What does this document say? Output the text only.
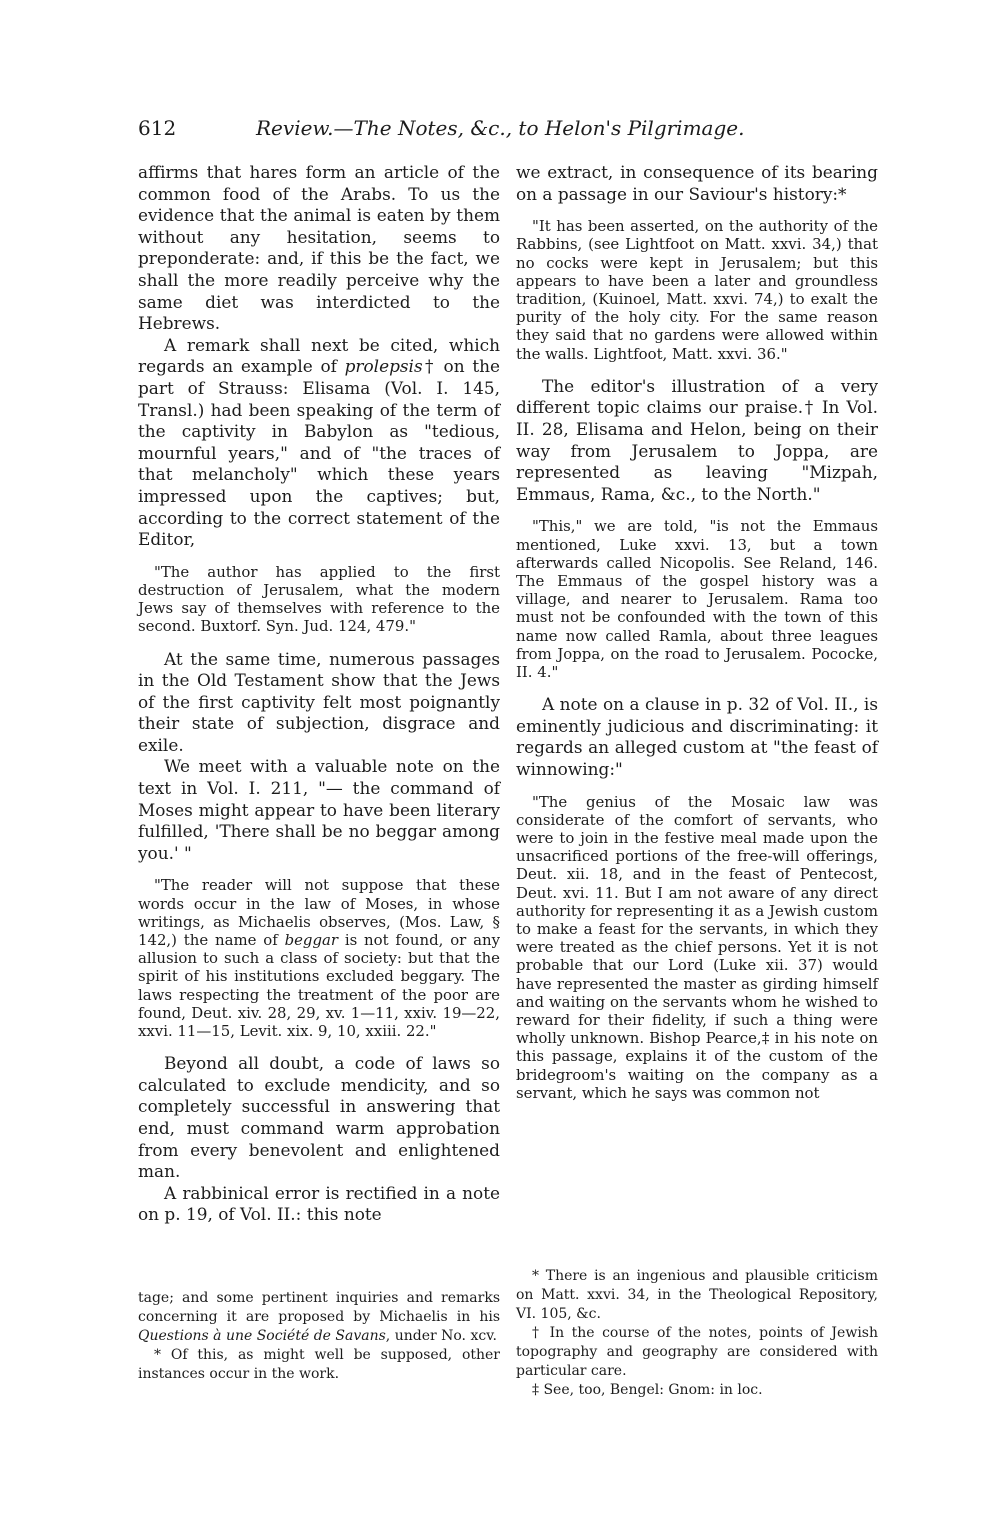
612	Review.—The Notes, &c., to Helon's Pilgrimage.

affirms that hares form an article of the common food of the Arabs. To us the evidence that the animal is eaten by them without any hesitation, seems to preponderate: and, if this be the fact, we shall the more readily perceive why the same diet was interdicted to the Hebrews.

A remark shall next be cited, which regards an example of prolepsis† on the part of Strauss: Elisama (Vol. I. 145, Transl.) had been speaking of the term of the captivity in Babylon as "tedious, mournful years," and of "the traces of that melancholy" which these years impressed upon the captives; but, according to the correct statement of the Editor,

"The author has applied to the first destruction of Jerusalem, what the modern Jews say of themselves with reference to the second. Buxtorf. Syn. Jud. 124, 479."

At the same time, numerous passages in the Old Testament show that the Jews of the first captivity felt most poignantly their state of subjection, disgrace and exile.

We meet with a valuable note on the text in Vol. I. 211, "— the command of Moses might appear to have been literary fulfilled, 'There shall be no beggar among you.' "

"The reader will not suppose that these words occur in the law of Moses, in whose writings, as Michaelis observes, (Mos. Law, § 142,) the name of beggar is not found, or any allusion to such a class of society: but that the spirit of his institutions excluded beggary. The laws respecting the treatment of the poor are found, Deut. xiv. 28, 29, xv. 1—11, xxiv. 19—22, xxvi. 11—15, Levit. xix. 9, 10, xxiii. 22."

Beyond all doubt, a code of laws so calculated to exclude mendicity, and so completely successful in answering that end, must command warm approbation from every benevolent and enlightened man.

A rabbinical error is rectified in a note on p. 19, of Vol. II.: this note

we extract, in consequence of its bearing on a passage in our Saviour's history:*

"It has been asserted, on the authority of the Rabbins, (see Lightfoot on Matt. xxvi. 34,) that no cocks were kept in Jerusalem; but this appears to have been a later and groundless tradition, (Kuinoel, Matt. xxvi. 74,) to exalt the purity of the holy city. For the same reason they said that no gardens were allowed within the walls. Lightfoot, Matt. xxvi. 36."

The editor's illustration of a very different topic claims our praise.† In Vol. II. 28, Elisama and Helon, being on their way from Jerusalem to Joppa, are represented as leaving "Mizpah, Emmaus, Rama, &c., to the North."

"This," we are told, "is not the Emmaus mentioned, Luke xxvi. 13, but a town afterwards called Nicopolis. See Reland, 146. The Emmaus of the gospel history was a village, and nearer to Jerusalem. Rama too must not be confounded with the town of this name now called Ramla, about three leagues from Joppa, on the road to Jerusalem. Pococke, II. 4."

A note on a clause in p. 32 of Vol. II., is eminently judicious and discriminating: it regards an alleged custom at "the feast of winnowing:"

"The genius of the Mosaic law was considerate of the comfort of servants, who were to join in the festive meal made upon the unsacrificed portions of the free-will offerings, Deut. xii. 18, and in the feast of Pentecost, Deut. xvi. 11. But I am not aware of any direct authority for representing it as a Jewish custom to make a feast for the servants, in which they were treated as the chief persons. Yet it is not probable that our Lord (Luke xii. 37) would have represented the master as girding himself and waiting on the servants whom he wished to reward for their fidelity, if such a thing were wholly unknown. Bishop Pearce,‡ in his note on this passage, explains it of the custom of the bridegroom's waiting on the company as a servant, which he says was common not

tage; and some pertinent inquiries and remarks concerning it are proposed by Michaelis in his Questions à une Société de Savans, under No. xcv.

* Of this, as might well be supposed, other instances occur in the work.

* There is an ingenious and plausible criticism on Matt. xxvi. 34, in the Theological Repository, VI. 105, &c.

† In the course of the notes, points of Jewish topography and geography are considered with particular care.

‡ See, too, Bengel: Gnom: in loc.
